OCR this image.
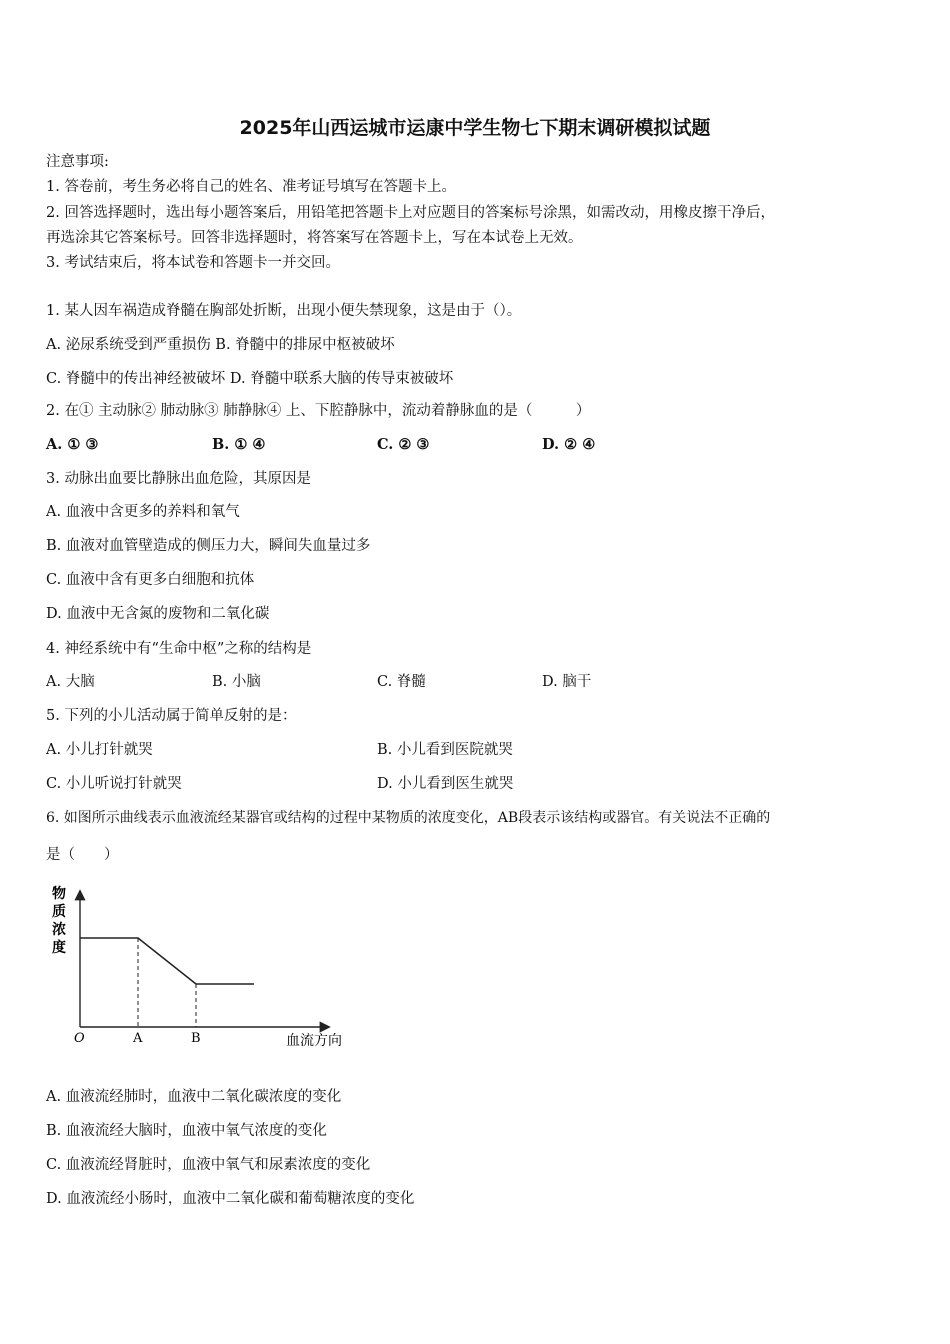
2025年山西运城市运康中学生物七下期末调研模拟试题
注意事项:
1. 答卷前，考生务必将自己的姓名、准考证号填写在答题卡上。
2. 回答选择题时，选出每小题答案后，用铅笔把答题卡上对应题目的答案标号涂黑，如需改动，用橡皮擦干净后，
再选涂其它答案标号。回答非选择题时，将答案写在答题卡上，写在本试卷上无效。
3. 考试结束后，将本试卷和答题卡一并交回。
1. 某人因车祸造成脊髓在胸部处折断，出现小便失禁现象，这是由于（）。
A. 泌尿系统受到严重损伤 B. 脊髓中的排尿中枢被破坏
C. 脊髓中的传出神经被破坏 D. 脊髓中联系大脑的传导束被破坏
2. 在① 主动脉② 肺动脉③ 肺静脉④ 上、下腔静脉中，流动着静脉血的是（　　　）
A. ① ③	B. ① ④	C. ② ③	D. ② ④
3. 动脉出血要比静脉出血危险，其原因是
A. 血液中含更多的养料和氧气
B. 血液对血管壁造成的侧压力大，瞬间失血量过多
C. 血液中含有更多白细胞和抗体
D. 血液中无含氮的废物和二氧化碳
4. 神经系统中有“生命中枢”之称的结构是
A. 大脑	B. 小脑	C. 脊髓	D. 脑干
5. 下列的小儿活动属于简单反射的是：
A. 小儿打针就哭	B. 小儿看到医院就哭
C. 小儿听说打针就哭	D. 小儿看到医生就哭
6. 如图所示曲线表示血液流经某器官或结构的过程中某物质的浓度变化，AB段表示该结构或器官。有关说法不正确的
是（　　）
物
质
浓
度
O	A	B	血流方向
A. 血液流经肺时，血液中二氧化碳浓度的变化
B. 血液流经大脑时，血液中氧气浓度的变化
C. 血液流经肾脏时，血液中氧气和尿素浓度的变化
D. 血液流经小肠时，血液中二氧化碳和葡萄糖浓度的变化
